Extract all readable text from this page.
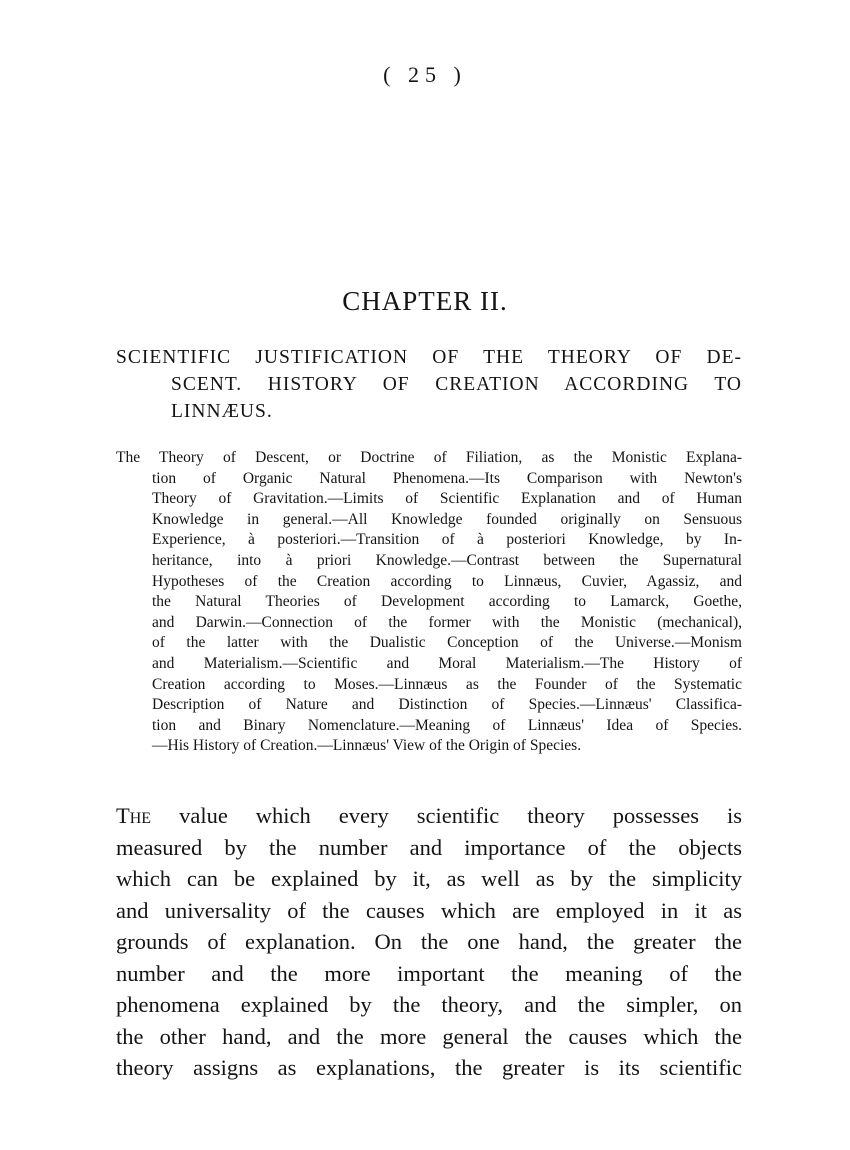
( 25 )
CHAPTER II.
SCIENTIFIC JUSTIFICATION OF THE THEORY OF DE-
SCENT. HISTORY OF CREATION ACCORDING TO
LINNÆUS.
The Theory of Descent, or Doctrine of Filiation, as the Monistic Explana-
tion of Organic Natural Phenomena.—Its Comparison with Newton's
Theory of Gravitation.—Limits of Scientific Explanation and of Human
Knowledge in general.—All Knowledge founded originally on Sensuous
Experience, à posteriori.—Transition of à posteriori Knowledge, by In-
heritance, into à priori Knowledge.—Contrast between the Supernatural
Hypotheses of the Creation according to Linnæus, Cuvier, Agassiz, and
the Natural Theories of Development according to Lamarck, Goethe,
and Darwin.—Connection of the former with the Monistic (mechanical),
of the latter with the Dualistic Conception of the Universe.—Monism
and Materialism.—Scientific and Moral Materialism.—The History of
Creation according to Moses.—Linnæus as the Founder of the Systematic
Description of Nature and Distinction of Species.—Linnæus' Classifica-
tion and Binary Nomenclature.—Meaning of Linnæus' Idea of Species.
—His History of Creation.—Linnæus' View of the Origin of Species.
The value which every scientific theory possesses is
measured by the number and importance of the objects
which can be explained by it, as well as by the simplicity
and universality of the causes which are employed in it as
grounds of explanation. On the one hand, the greater the
number and the more important the meaning of the
phenomena explained by the theory, and the simpler, on
the other hand, and the more general the causes which the
theory assigns as explanations, the greater is its scientific
